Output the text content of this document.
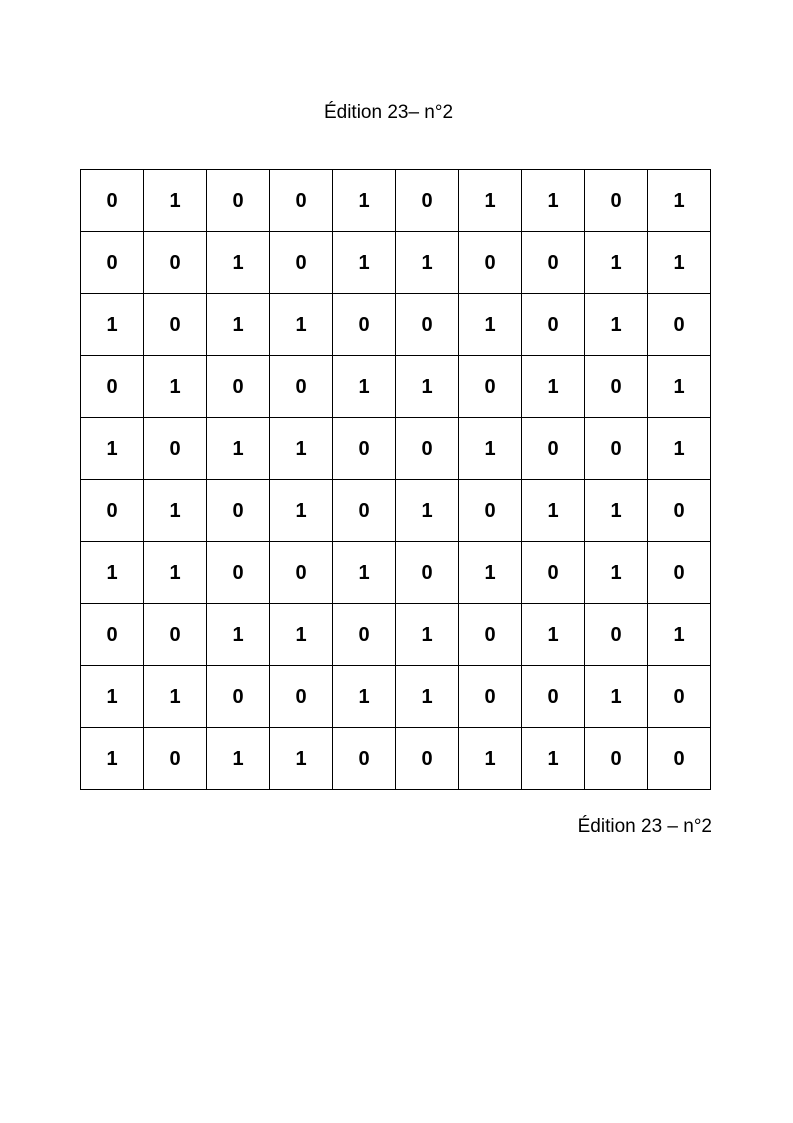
Édition 23– n°2
0	1	0	0	1	0	1	1	0	1
0	0	1	0	1	1	0	0	1	1
1	0	1	1	0	0	1	0	1	0
0	1	0	0	1	1	0	1	0	1
1	0	1	1	0	0	1	0	0	1
0	1	0	1	0	1	0	1	1	0
1	1	0	0	1	0	1	0	1	0
0	0	1	1	0	1	0	1	0	1
1	1	0	0	1	1	0	0	1	0
1	0	1	1	0	0	1	1	0	0
Édition 23 – n°2
